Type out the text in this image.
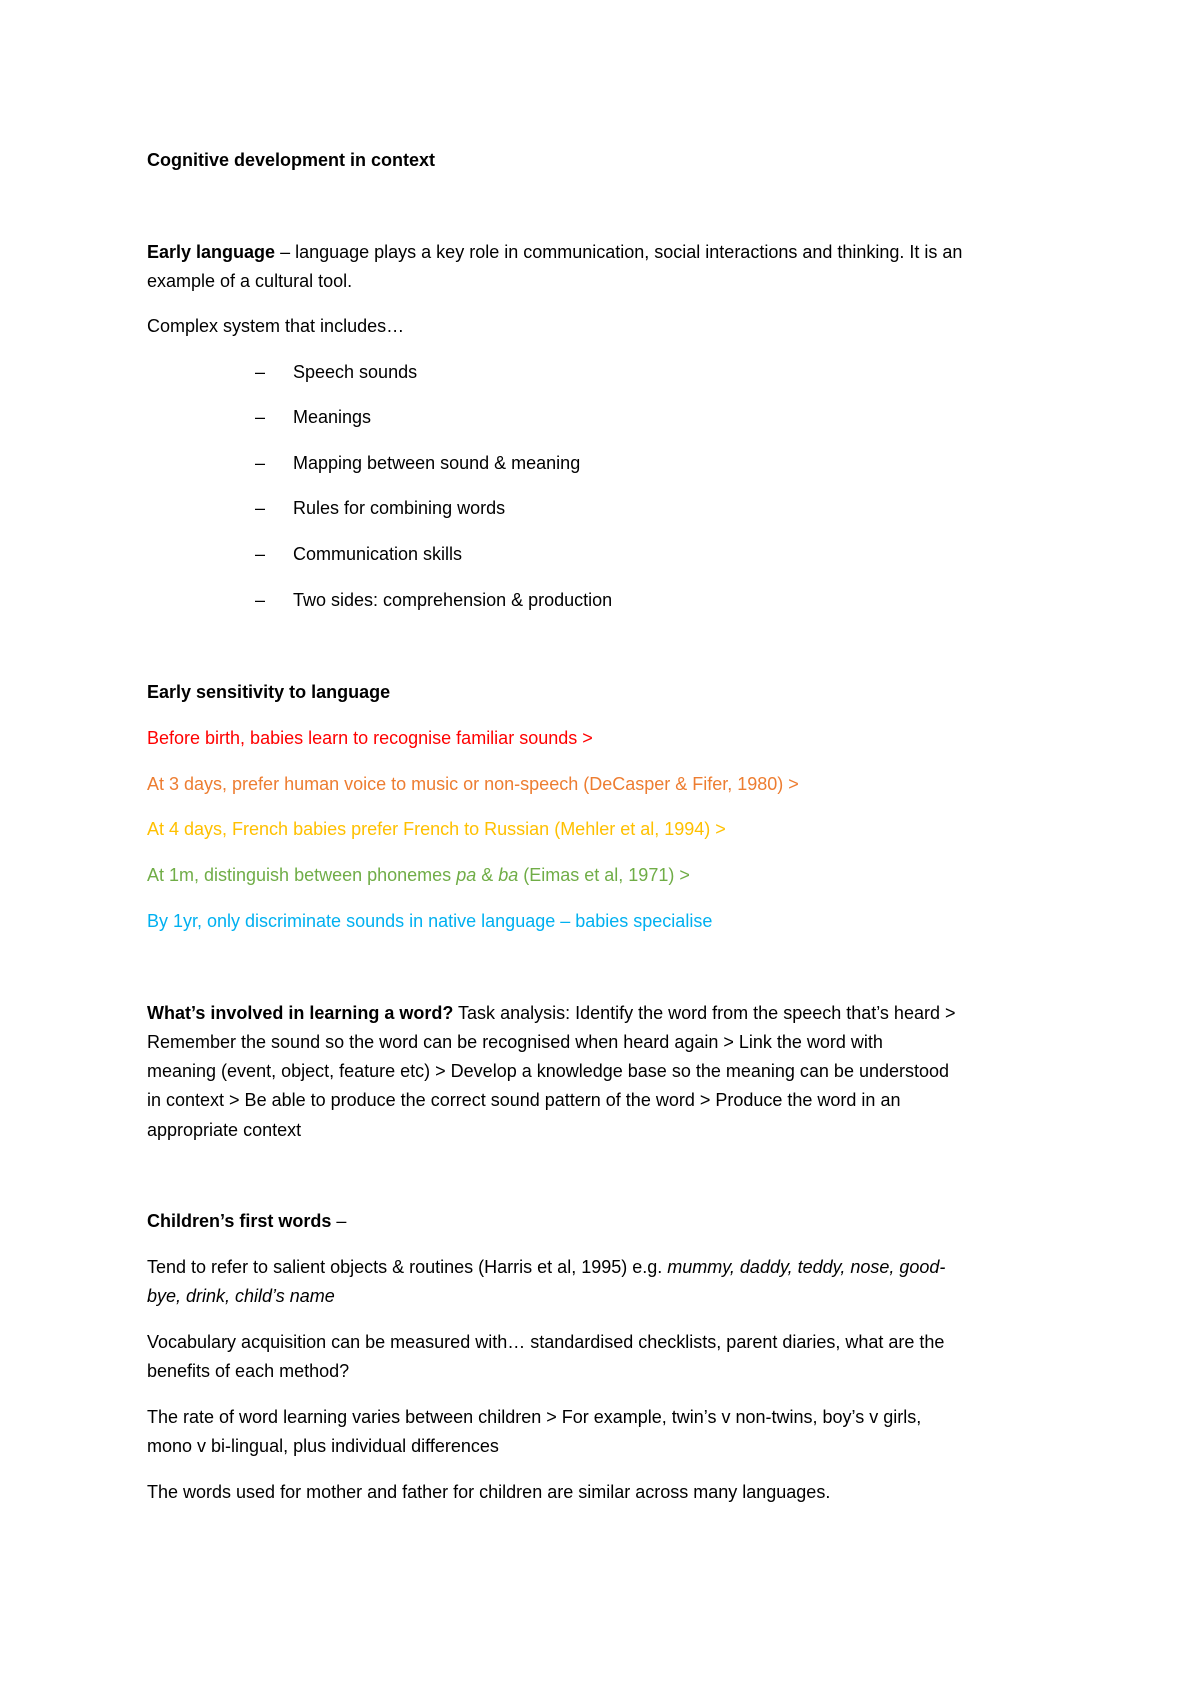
Cognitive development in context
Early language – language plays a key role in communication, social interactions and thinking. It is an
example of a cultural tool.
Complex system that includes…
– Speech sounds
– Meanings
– Mapping between sound & meaning
– Rules for combining words
– Communication skills
– Two sides: comprehension & production
Early sensitivity to language
Before birth, babies learn to recognise familiar sounds >
At 3 days, prefer human voice to music or non-speech (DeCasper & Fifer, 1980) >
At 4 days, French babies prefer French to Russian (Mehler et al, 1994) >
At 1m, distinguish between phonemes pa & ba (Eimas et al, 1971) >
By 1yr, only discriminate sounds in native language – babies specialise
What’s involved in learning a word? Task analysis: Identify the word from the speech that’s heard >
Remember the sound so the word can be recognised when heard again > Link the word with
meaning (event, object, feature etc) > Develop a knowledge base so the meaning can be understood
in context > Be able to produce the correct sound pattern of the word > Produce the word in an
appropriate context
Children’s first words –
Tend to refer to salient objects & routines (Harris et al, 1995) e.g. mummy, daddy, teddy, nose, good-
bye, drink, child’s name
Vocabulary acquisition can be measured with… standardised checklists, parent diaries, what are the
benefits of each method?
The rate of word learning varies between children > For example, twin’s v non-twins, boy’s v girls,
mono v bi-lingual, plus individual differences
The words used for mother and father for children are similar across many languages.
